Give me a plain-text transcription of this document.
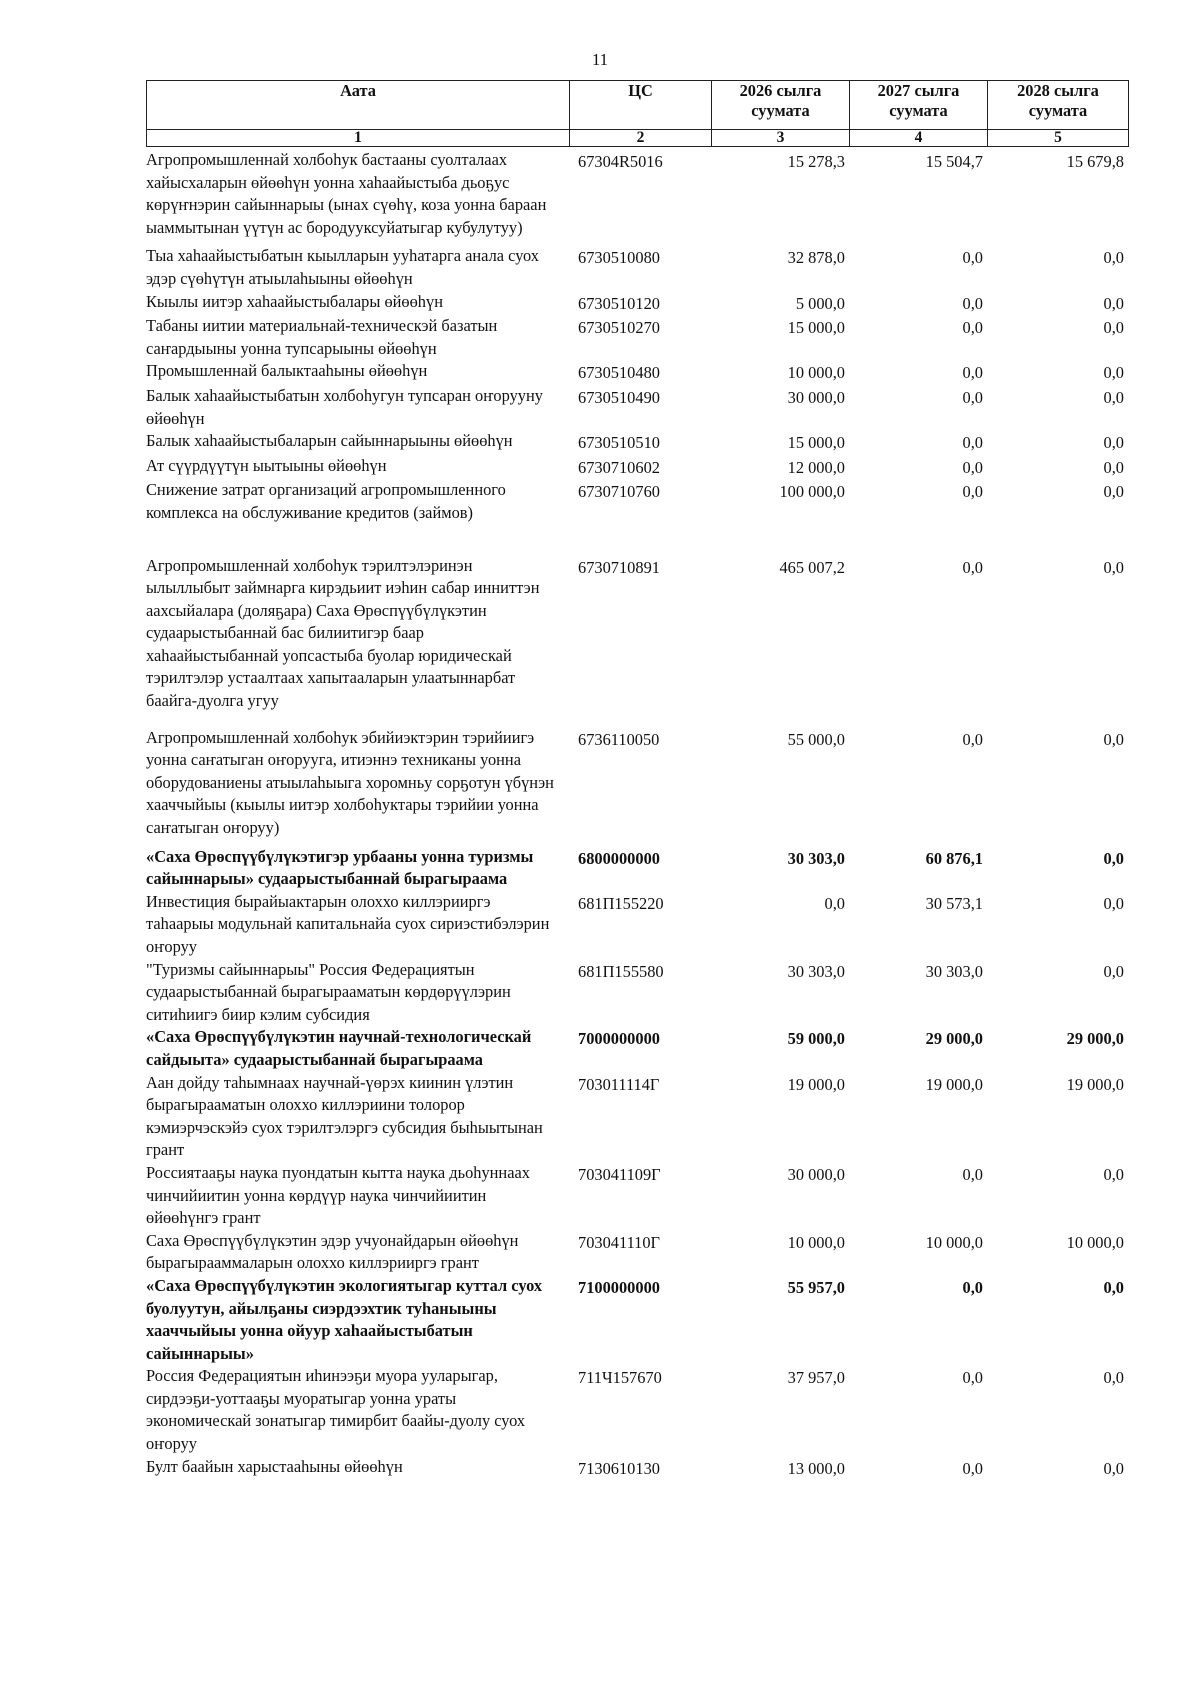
11
Аата	ЦС	2026 сылга суумата	2027 сылга суумата	2028 сылга суумата
1	2	3	4	5
Агропромышленнай холбоһук бастааны суолталаах хайысхаларын өйөөһүн уонна хаһаайыстыба дьоҕус көрүҥнэрин сайыннарыы (ынах сүөһү, коза уонна бараан ыаммытынан үүтүн ас бородууксуйатыгар кубулутуу)
67304R5016	15 278,3	15 504,7	15 679,8
Тыа хаһаайыстыбатын кыылларын ууһатарга анала суох эдэр сүөһүтүн атыылаһыыны өйөөһүн
6730510080	32 878,0	0,0	0,0
Кыылы иитэр хаһаайыстыбалары өйөөһүн	6730510120	5 000,0	0,0	0,0
Табаны иитии материальнай-техническэй базатын саҥардыыны уонна тупсарыыны өйөөһүн
6730510270	15 000,0	0,0	0,0
Промышленнай балыктааһыны өйөөһүн	6730510480	10 000,0	0,0	0,0
Балык хаһаайыстыбатын холбоһугун тупсаран оҥорууну өйөөһүн
6730510490	30 000,0	0,0	0,0
Балык хаһаайыстыбаларын сайыннарыыны өйөөһүн	6730510510	15 000,0	0,0	0,0
Ат сүүрдүүтүн ыытыыны өйөөһүн	6730710602	12 000,0	0,0	0,0
Снижение затрат организаций агропромышленного комплекса на обслуживание кредитов (займов)
6730710760	100 000,0	0,0	0,0
Агропромышленнай холбоһук тэрилтэлэринэн ылыллыбыт займнарга кирэдьиит иэһин сабар инниттэн аахсыйалара (доляҕара) Саха Өрөспүүбүлүкэтин судаарыстыбаннай бас билиитигэр баар хаһаайыстыбаннай уопсастыба буолар юридическай тэрилтэлэр устаалтаах хапытааларын улаатыннарбат баайга-дуолга угуу
6730710891	465 007,2	0,0	0,0
Агропромышленнай холбоһук эбийиэктэрин тэрийиигэ уонна саҥатыган оҥорууга, итиэннэ техниканы уонна оборудованиены атыылаһыыга хоромньу сорҕотун үбүнэн хааччыйыы (кыылы иитэр холбоһуктары тэрийии уонна саҥатыган оҥоруу)
6736110050	55 000,0	0,0	0,0
«Саха Өрөспүүбүлүкэтигэр урбааны уонна туризмы сайыннарыы» судаарыстыбаннай бырагыраама
6800000000	30 303,0	60 876,1	0,0
Инвестиция бырайыактарын олоххо киллэрииргэ таһаарыы модульнай капитальнайа суох сириэстибэлэрин оҥоруу
681П155220	0,0	30 573,1	0,0
"Туризмы сайыннарыы" Россия Федерациятын судаарыстыбаннай бырагырааматын көрдөрүүлэрин ситиһиигэ биир кэлим субсидия
681П155580	30 303,0	30 303,0	0,0
«Саха Өрөспүүбүлүкэтин научнай-технологическай сайдыыта» судаарыстыбаннай бырагыраама
7000000000	59 000,0	29 000,0	29 000,0
Аан дойду таһымнаах научнай-үөрэх киинин үлэтин бырагырааматын олоххо киллэриини толорор кэмиэрчэскэйэ суох тэрилтэлэргэ субсидия быһыытынан грант
703011114Г	19 000,0	19 000,0	19 000,0
Россиятааҕы наука пуондатын кытта наука дьоһуннаах чинчийиитин уонна көрдүүр наука чинчийиитин өйөөһүнгэ грант
703041109Г	30 000,0	0,0	0,0
Саха Өрөспүүбүлүкэтин эдэр учуонайдарын өйөөһүн бырагырааммаларын олоххо киллэрииргэ грант
703041110Г	10 000,0	10 000,0	10 000,0
«Саха Өрөспүүбүлүкэтин экологиятыгар куттал суох буолуутун, айылҕаны сиэрдээхтик туһаныыны хааччыйыы уонна ойуур хаһаайыстыбатын сайыннарыы»
7100000000	55 957,0	0,0	0,0
Россия Федерациятын иһинээҕи муора ууларыгар, сирдээҕи-уоттааҕы муоратыгар уонна ураты экономическай зонатыгар тимирбит баайы-дуолу суох оҥоруу
711Ч157670	37 957,0	0,0	0,0
Булт баайын харыстааһыны өйөөһүн	7130610130	13 000,0	0,0	0,0
